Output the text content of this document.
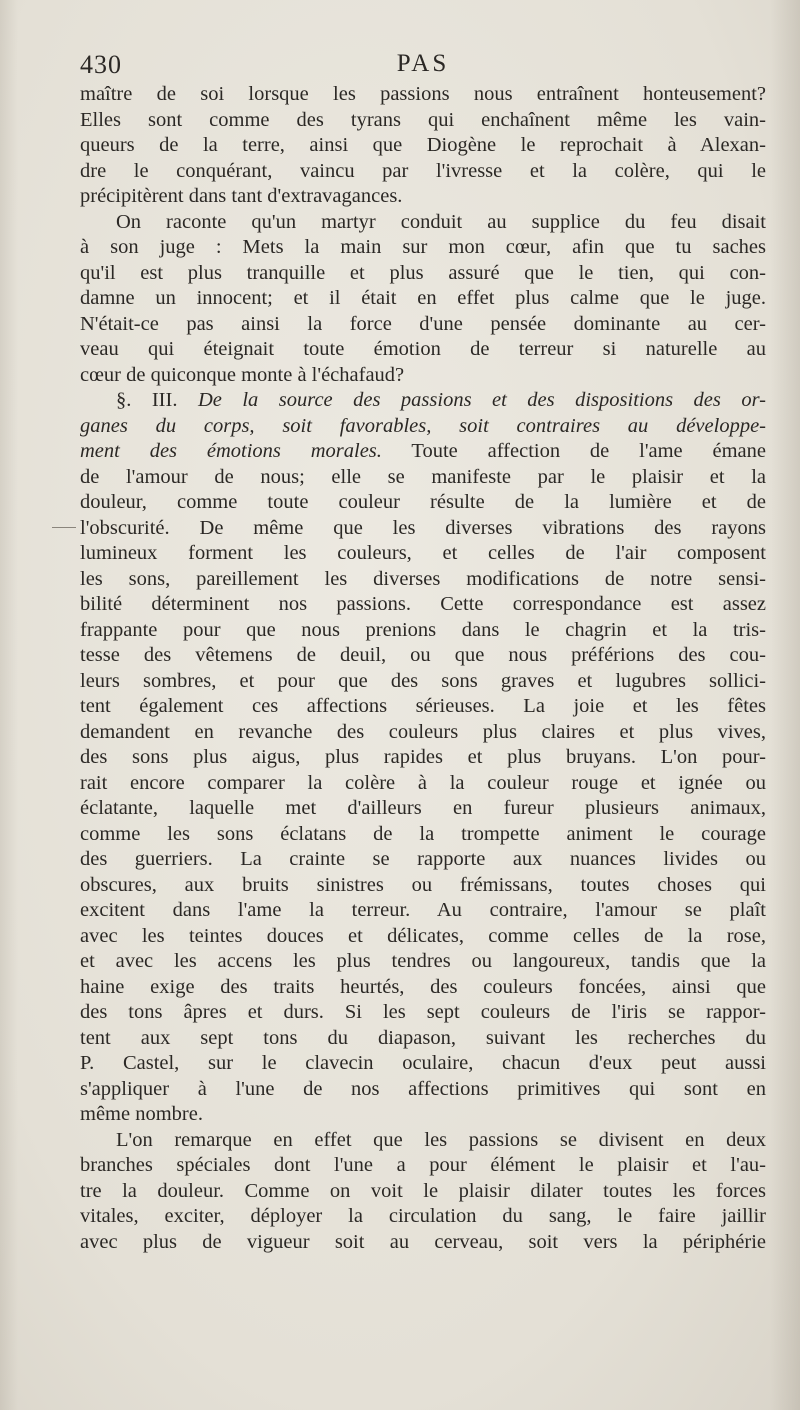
430	PAS
maître de soi lorsque les passions nous entraînent honteusement?
Elles sont comme des tyrans qui enchaînent même les vain-
queurs de la terre, ainsi que Diogène le reprochait à Alexan-
dre le conquérant, vaincu par l'ivresse et la colère, qui le
précipitèrent dans tant d'extravagances.
On raconte qu'un martyr conduit au supplice du feu disait
à son juge : Mets la main sur mon cœur, afin que tu saches
qu'il est plus tranquille et plus assuré que le tien, qui con-
damne un innocent; et il était en effet plus calme que le juge.
N'était-ce pas ainsi la force d'une pensée dominante au cer-
veau qui éteignait toute émotion de terreur si naturelle au
cœur de quiconque monte à l'échafaud?
§. III. De la source des passions et des dispositions des or-
ganes du corps, soit favorables, soit contraires au développe-
ment des émotions morales. Toute affection de l'ame émane
de l'amour de nous; elle se manifeste par le plaisir et la
douleur, comme toute couleur résulte de la lumière et de
l'obscurité. De même que les diverses vibrations des rayons
lumineux forment les couleurs, et celles de l'air composent
les sons, pareillement les diverses modifications de notre sensi-
bilité déterminent nos passions. Cette correspondance est assez
frappante pour que nous prenions dans le chagrin et la tris-
tesse des vêtemens de deuil, ou que nous préférions des cou-
leurs sombres, et pour que des sons graves et lugubres sollici-
tent également ces affections sérieuses. La joie et les fêtes
demandent en revanche des couleurs plus claires et plus vives,
des sons plus aigus, plus rapides et plus bruyans. L'on pour-
rait encore comparer la colère à la couleur rouge et ignée ou
éclatante, laquelle met d'ailleurs en fureur plusieurs animaux,
comme les sons éclatans de la trompette animent le courage
des guerriers. La crainte se rapporte aux nuances livides ou
obscures, aux bruits sinistres ou frémissans, toutes choses qui
excitent dans l'ame la terreur. Au contraire, l'amour se plaît
avec les teintes douces et délicates, comme celles de la rose,
et avec les accens les plus tendres ou langoureux, tandis que la
haine exige des traits heurtés, des couleurs foncées, ainsi que
des tons âpres et durs. Si les sept couleurs de l'iris se rappor-
tent aux sept tons du diapason, suivant les recherches du
P. Castel, sur le clavecin oculaire, chacun d'eux peut aussi
s'appliquer à l'une de nos affections primitives qui sont en
même nombre.
L'on remarque en effet que les passions se divisent en deux
branches spéciales dont l'une a pour élément le plaisir et l'au-
tre la douleur. Comme on voit le plaisir dilater toutes les forces
vitales, exciter, déployer la circulation du sang, le faire jaillir
avec plus de vigueur soit au cerveau, soit vers la périphérie
